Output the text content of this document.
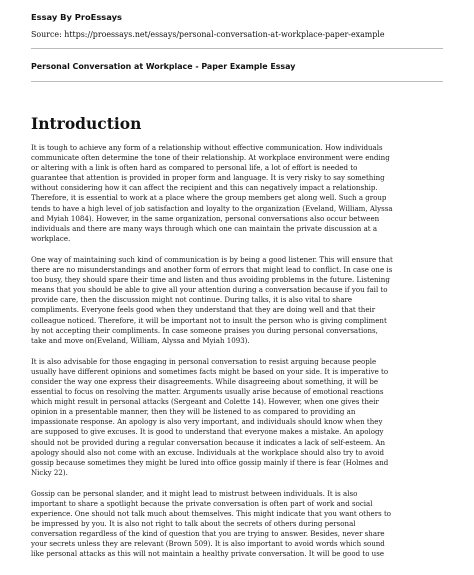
Essay By ProEssays
Source: https://proessays.net/essays/personal-conversation-at-workplace-paper-example
Personal Conversation at Workplace - Paper Example Essay
Introduction
It is tough to achieve any form of a relationship without effective communication. How individuals
communicate often determine the tone of their relationship. At workplace environment were ending
or altering with a link is often hard as compared to personal life, a lot of effort is needed to
guarantee that attention is provided in proper form and language. It is very risky to say something
without considering how it can affect the recipient and this can negatively impact a relationship.
Therefore, it is essential to work at a place where the group members get along well. Such a group
tends to have a high level of job satisfaction and loyalty to the organization (Eveland, William, Alyssa
and Myiah 1084). However, in the same organization, personal conversations also occur between
individuals and there are many ways through which one can maintain the private discussion at a
workplace.
One way of maintaining such kind of communication is by being a good listener. This will ensure that
there are no misunderstandings and another form of errors that might lead to conflict. In case one is
too busy, they should spare their time and listen and thus avoiding problems in the future. Listening
means that you should be able to give all your attention during a conversation because if you fail to
provide care, then the discussion might not continue. During talks, it is also vital to share
compliments. Everyone feels good when they understand that they are doing well and that their
colleague noticed. Therefore, it will be important not to insult the person who is giving compliment
by not accepting their compliments. In case someone praises you during personal conversations,
take and move on(Eveland, William, Alyssa and Myiah 1093).
It is also advisable for those engaging in personal conversation to resist arguing because people
usually have different opinions and sometimes facts might be based on your side. It is imperative to
consider the way one express their disagreements. While disagreeing about something, it will be
essential to focus on resolving the matter. Arguments usually arise because of emotional reactions
which might result in personal attacks (Sergeant and Colette 14). However, when one gives their
opinion in a presentable manner, then they will be listened to as compared to providing an
impassionate response. An apology is also very important, and individuals should know when they
are supposed to give excuses. It is good to understand that everyone makes a mistake. An apology
should not be provided during a regular conversation because it indicates a lack of self-esteem. An
apology should also not come with an excuse. Individuals at the workplace should also try to avoid
gossip because sometimes they might be lured into office gossip mainly if there is fear (Holmes and
Nicky 22).
Gossip can be personal slander, and it might lead to mistrust between individuals. It is also
important to share a spotlight because the private conversation is often part of work and social
experience. One should not talk much about themselves. This might indicate that you want others to
be impressed by you. It is also not right to talk about the secrets of others during personal
conversation regardless of the kind of question that you are trying to answer. Besides, never share
your secrets unless they are relevant (Brown 509). It is also important to avoid words which sound
like personal attacks as this will not maintain a healthy private conversation. It will be good to use
